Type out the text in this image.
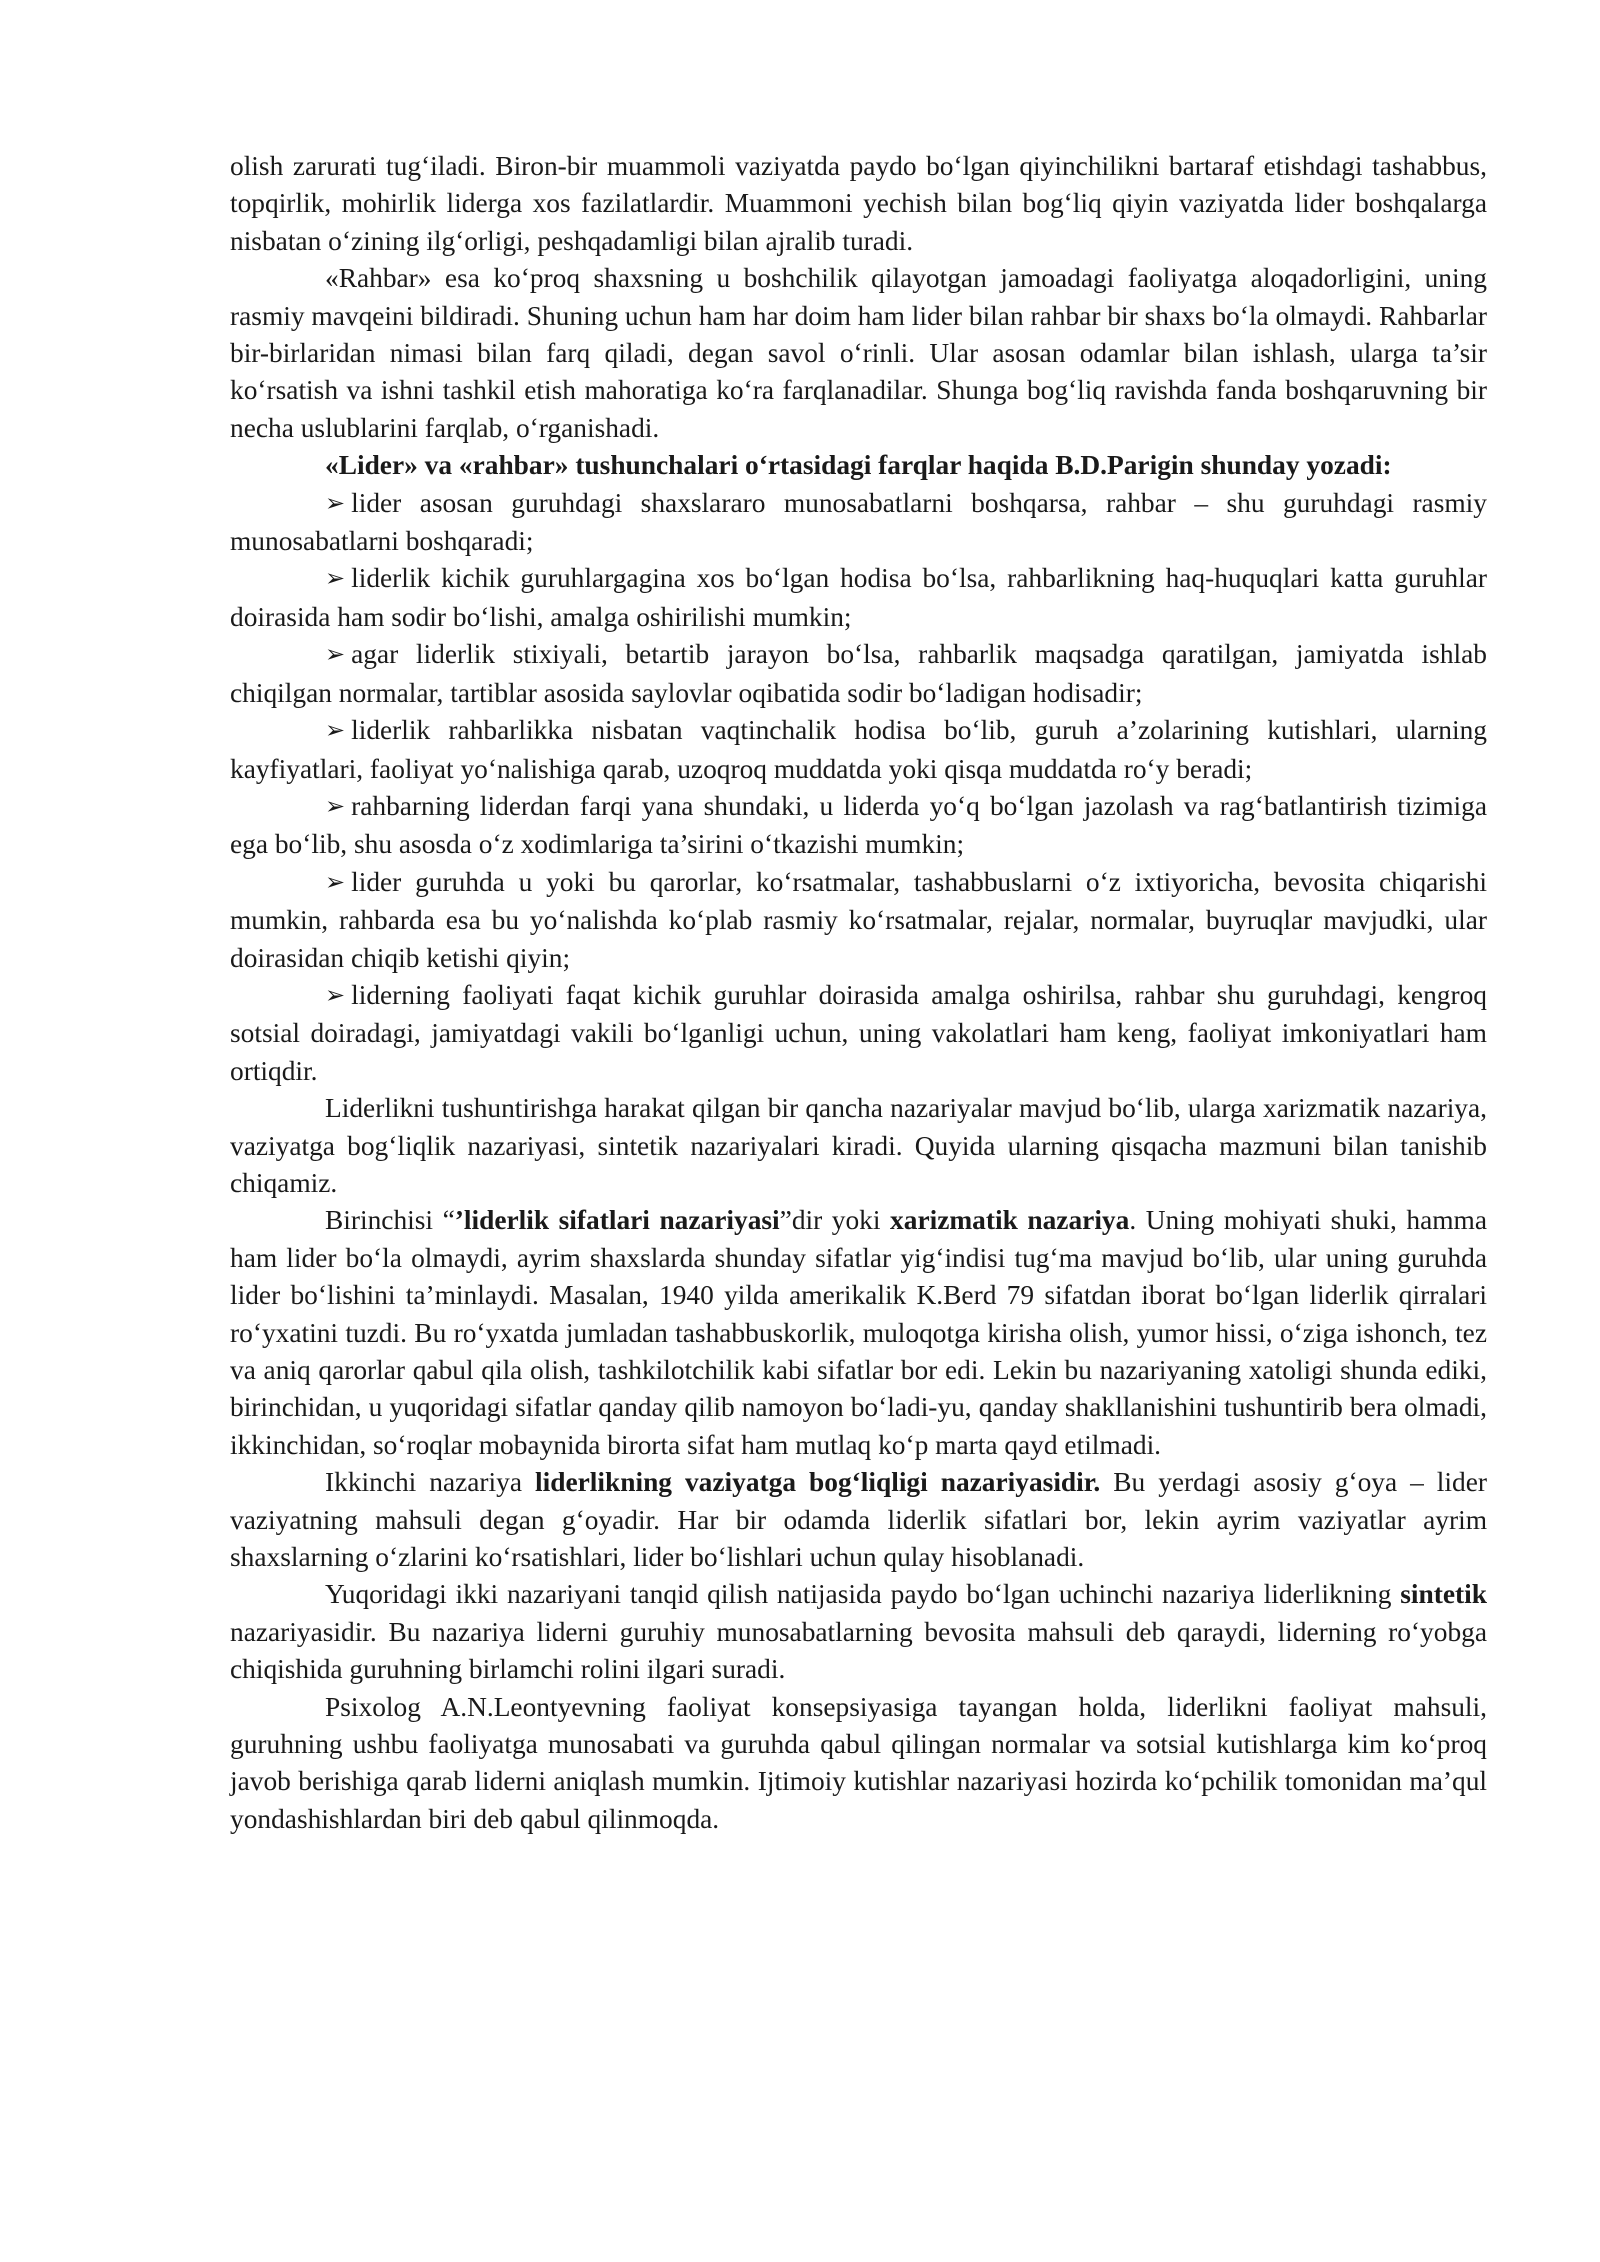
olish zarurati tug‘iladi. Biron-bir muammoli vaziyatda paydo bo‘lgan qiyinchilikni bartaraf etishdagi tashabbus, topqirlik, mohirlik liderga xos fazilatlardir. Muammoni yechish bilan bog‘liq qiyin vaziyatda lider boshqalarga nisbatan o‘zining ilg‘orligi, peshqadamligi bilan ajralib turadi.

«Rahbar» esa ko‘proq shaxsning u boshchilik qilayotgan jamoadagi faoliyatga aloqadorligini, uning rasmiy mavqeini bildiradi. Shuning uchun ham har doim ham lider bilan rahbar bir shaxs bo‘la olmaydi. Rahbarlar bir-birlaridan nimasi bilan farq qiladi, degan savol o‘rinli. Ular asosan odamlar bilan ishlash, ularga ta’sir ko‘rsatish va ishni tashkil etish mahoratiga ko‘ra farqlanadilar. Shunga bog‘liq ravishda fanda boshqaruvning bir necha uslublarini farqlab, o‘rganishadi.

«Lider» va «rahbar» tushunchalari o‘rtasidagi farqlar haqida B.D.Parigin shunday yozadi:

➢ lider asosan guruhdagi shaxslararo munosabatlarni boshqarsa, rahbar – shu guruhdagi rasmiy munosabatlarni boshqaradi;

➢ liderlik kichik guruhlargagina xos bo‘lgan hodisa bo‘lsa, rahbarlikning haq-huquqlari katta guruhlar doirasida ham sodir bo‘lishi, amalga oshirilishi mumkin;

➢ agar liderlik stixiyali, betartib jarayon bo‘lsa, rahbarlik maqsadga qaratilgan, jamiyatda ishlab chiqilgan normalar, tartiblar asosida saylovlar oqibatida sodir bo‘ladigan hodisadir;

➢ liderlik rahbarlikka nisbatan vaqtinchalik hodisa bo‘lib, guruh a’zolarining kutishlari, ularning kayfiyatlari, faoliyat yo‘nalishiga qarab, uzoqroq muddatda yoki qisqa muddatda ro‘y beradi;

➢ rahbarning liderdan farqi yana shundaki, u liderda yo‘q bo‘lgan jazolash va rag‘batlantirish tizimiga ega bo‘lib, shu asosda o‘z xodimlariga ta’sirini o‘tkazishi mumkin;

➢ lider guruhda u yoki bu qarorlar, ko‘rsatmalar, tashabbuslarni o‘z ixtiyoricha, bevosita chiqarishi mumkin, rahbarda esa bu yo‘nalishda ko‘plab rasmiy ko‘rsatmalar, rejalar, normalar, buyruqlar mavjudki, ular doirasidan chiqib ketishi qiyin;

➢ liderning faoliyati faqat kichik guruhlar doirasida amalga oshirilsa, rahbar shu guruhdagi, kengroq sotsial doiradagi, jamiyatdagi vakili bo‘lganligi uchun, uning vakolatlari ham keng, faoliyat imkoniyatlari ham ortiqdir.

Liderlikni tushuntirishga harakat qilgan bir qancha nazariyalar mavjud bo‘lib, ularga xarizmatik nazariya, vaziyatga bog‘liqlik nazariyasi, sintetik nazariyalari kiradi. Quyida ularning qisqacha mazmuni bilan tanishib chiqamiz.

Birinchisi “’liderlik sifatlari nazariyasi”dir yoki xarizmatik nazariya. Uning mohiyati shuki, hamma ham lider bo‘la olmaydi, ayrim shaxslarda shunday sifatlar yig‘indisi tug‘ma mavjud bo‘lib, ular uning guruhda lider bo‘lishini ta’minlaydi. Masalan, 1940 yilda amerikalik K.Berd 79 sifatdan iborat bo‘lgan liderlik qirralari ro‘yxatini tuzdi. Bu ro‘yxatda jumladan tashabbuskorlik, muloqotga kirisha olish, yumor hissi, o‘ziga ishonch, tez va aniq qarorlar qabul qila olish, tashkilotchilik kabi sifatlar bor edi. Lekin bu nazariyaning xatoligi shunda ediki, birinchidan, u yuqoridagi sifatlar qanday qilib namoyon bo‘ladi-yu, qanday shakllanishini tushuntirib bera olmadi, ikkinchidan, so‘roqlar mobaynida birorta sifat ham mutlaq ko‘p marta qayd etilmadi.

Ikkinchi nazariya liderlikning vaziyatga bog‘liqligi nazariyasidir. Bu yerdagi asosiy g‘oya – lider vaziyatning mahsuli degan g‘oyadir. Har bir odamda liderlik sifatlari bor, lekin ayrim vaziyatlar ayrim shaxslarning o‘zlarini ko‘rsatishlari, lider bo‘lishlari uchun qulay hisoblanadi.

Yuqoridagi ikki nazariyani tanqid qilish natijasida paydo bo‘lgan uchinchi nazariya liderlikning sintetik nazariyasidir. Bu nazariya liderni guruhiy munosabatlarning bevosita mahsuli deb qaraydi, liderning ro‘yobga chiqishida guruhning birlamchi rolini ilgari suradi.

Psixolog A.N.Leontyevning faoliyat konsepsiyasiga tayangan holda, liderlikni faoliyat mahsuli, guruhning ushbu faoliyatga munosabati va guruhda qabul qilingan normalar va sotsial kutishlarga kim ko‘proq javob berishiga qarab liderni aniqlash mumkin. Ijtimoiy kutishlar nazariyasi hozirda ko‘pchilik tomonidan ma’qul yondashishlardan biri deb qabul qilinmoqda.
